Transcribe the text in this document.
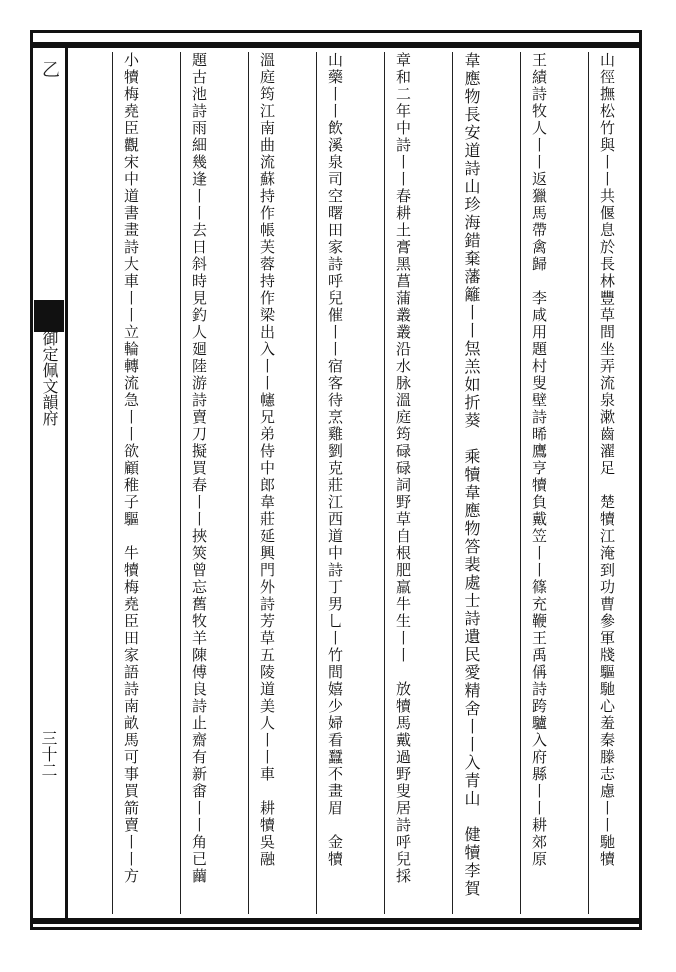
乙　　　　　
御定佩文韻府
三十二	山徑撫松竹與丨丨共偃息於長林豐草間坐弄流泉漱齒濯足　楚犢江淹到功曹參軍牋驅馳心羞秦滕志慮丨丨馳犢
王績詩牧人丨丨返獵馬帶禽歸　李咸用題村叟壁詩晞鷹亨犢負戴笠丨丨篠充鞭王禹偁詩跨驢入府縣丨丨耕郊原
韋應物長安道詩山珍海錯棄藩籬丨丨炰羔如折葵　乘犢韋應物答裴處士詩遺民愛精舍丨丨入青山　健犢李賀
章和二年中詩丨丨春耕土膏黑菖蒲叢叢沿水脉溫庭筠碌碌詞野草自根肥羸牛生丨丨　放犢馬戴過野叟居詩呼兒採
山藥丨丨飲溪泉司空曙田家詩呼兒催丨丨宿客待烹雞劉克莊江西道中詩丁男乚丨竹間嬉少婦看蠶不畫眉　金犢
溫庭筠江南曲流蘇持作帳芙蓉持作梁出入丨丨幰兄弟侍中郎韋莊延興門外詩芳草五陵道美人丨丨車　耕犢吳融
題古池詩雨細幾逢丨丨去日斜時見釣人廻陸游詩賣刀擬買春丨丨挾筴曾忘舊牧羊陳傅良詩止齋有新畬丨丨角已繭
小犢梅堯臣觀宋中道書畫詩大車丨丨立輪轉流急丨丨欲顧稚子驅　牛犢梅堯臣田家語詩南畝馬可事買箭賣丨丨方
